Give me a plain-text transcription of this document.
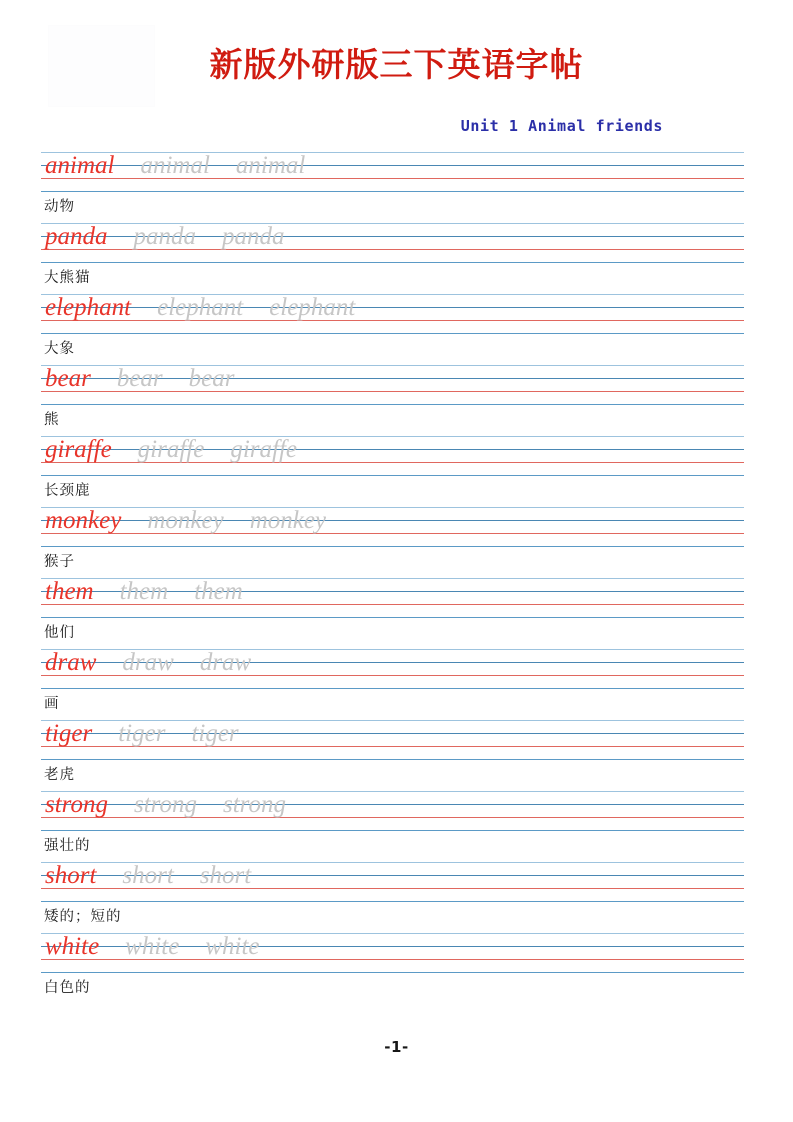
新版外研版三下英语字帖
Unit 1 Animal friends
animal animal animal
动物
panda panda panda
大熊猫
elephant elephant elephant
大象
bear bear bear
熊
giraffe giraffe giraffe
长颈鹿
monkey monkey monkey
猴子
them them them
他们
draw draw draw
画
tiger tiger tiger
老虎
strong strong strong
强壮的
short short short
矮的；短的
white white white
白色的
-1-
